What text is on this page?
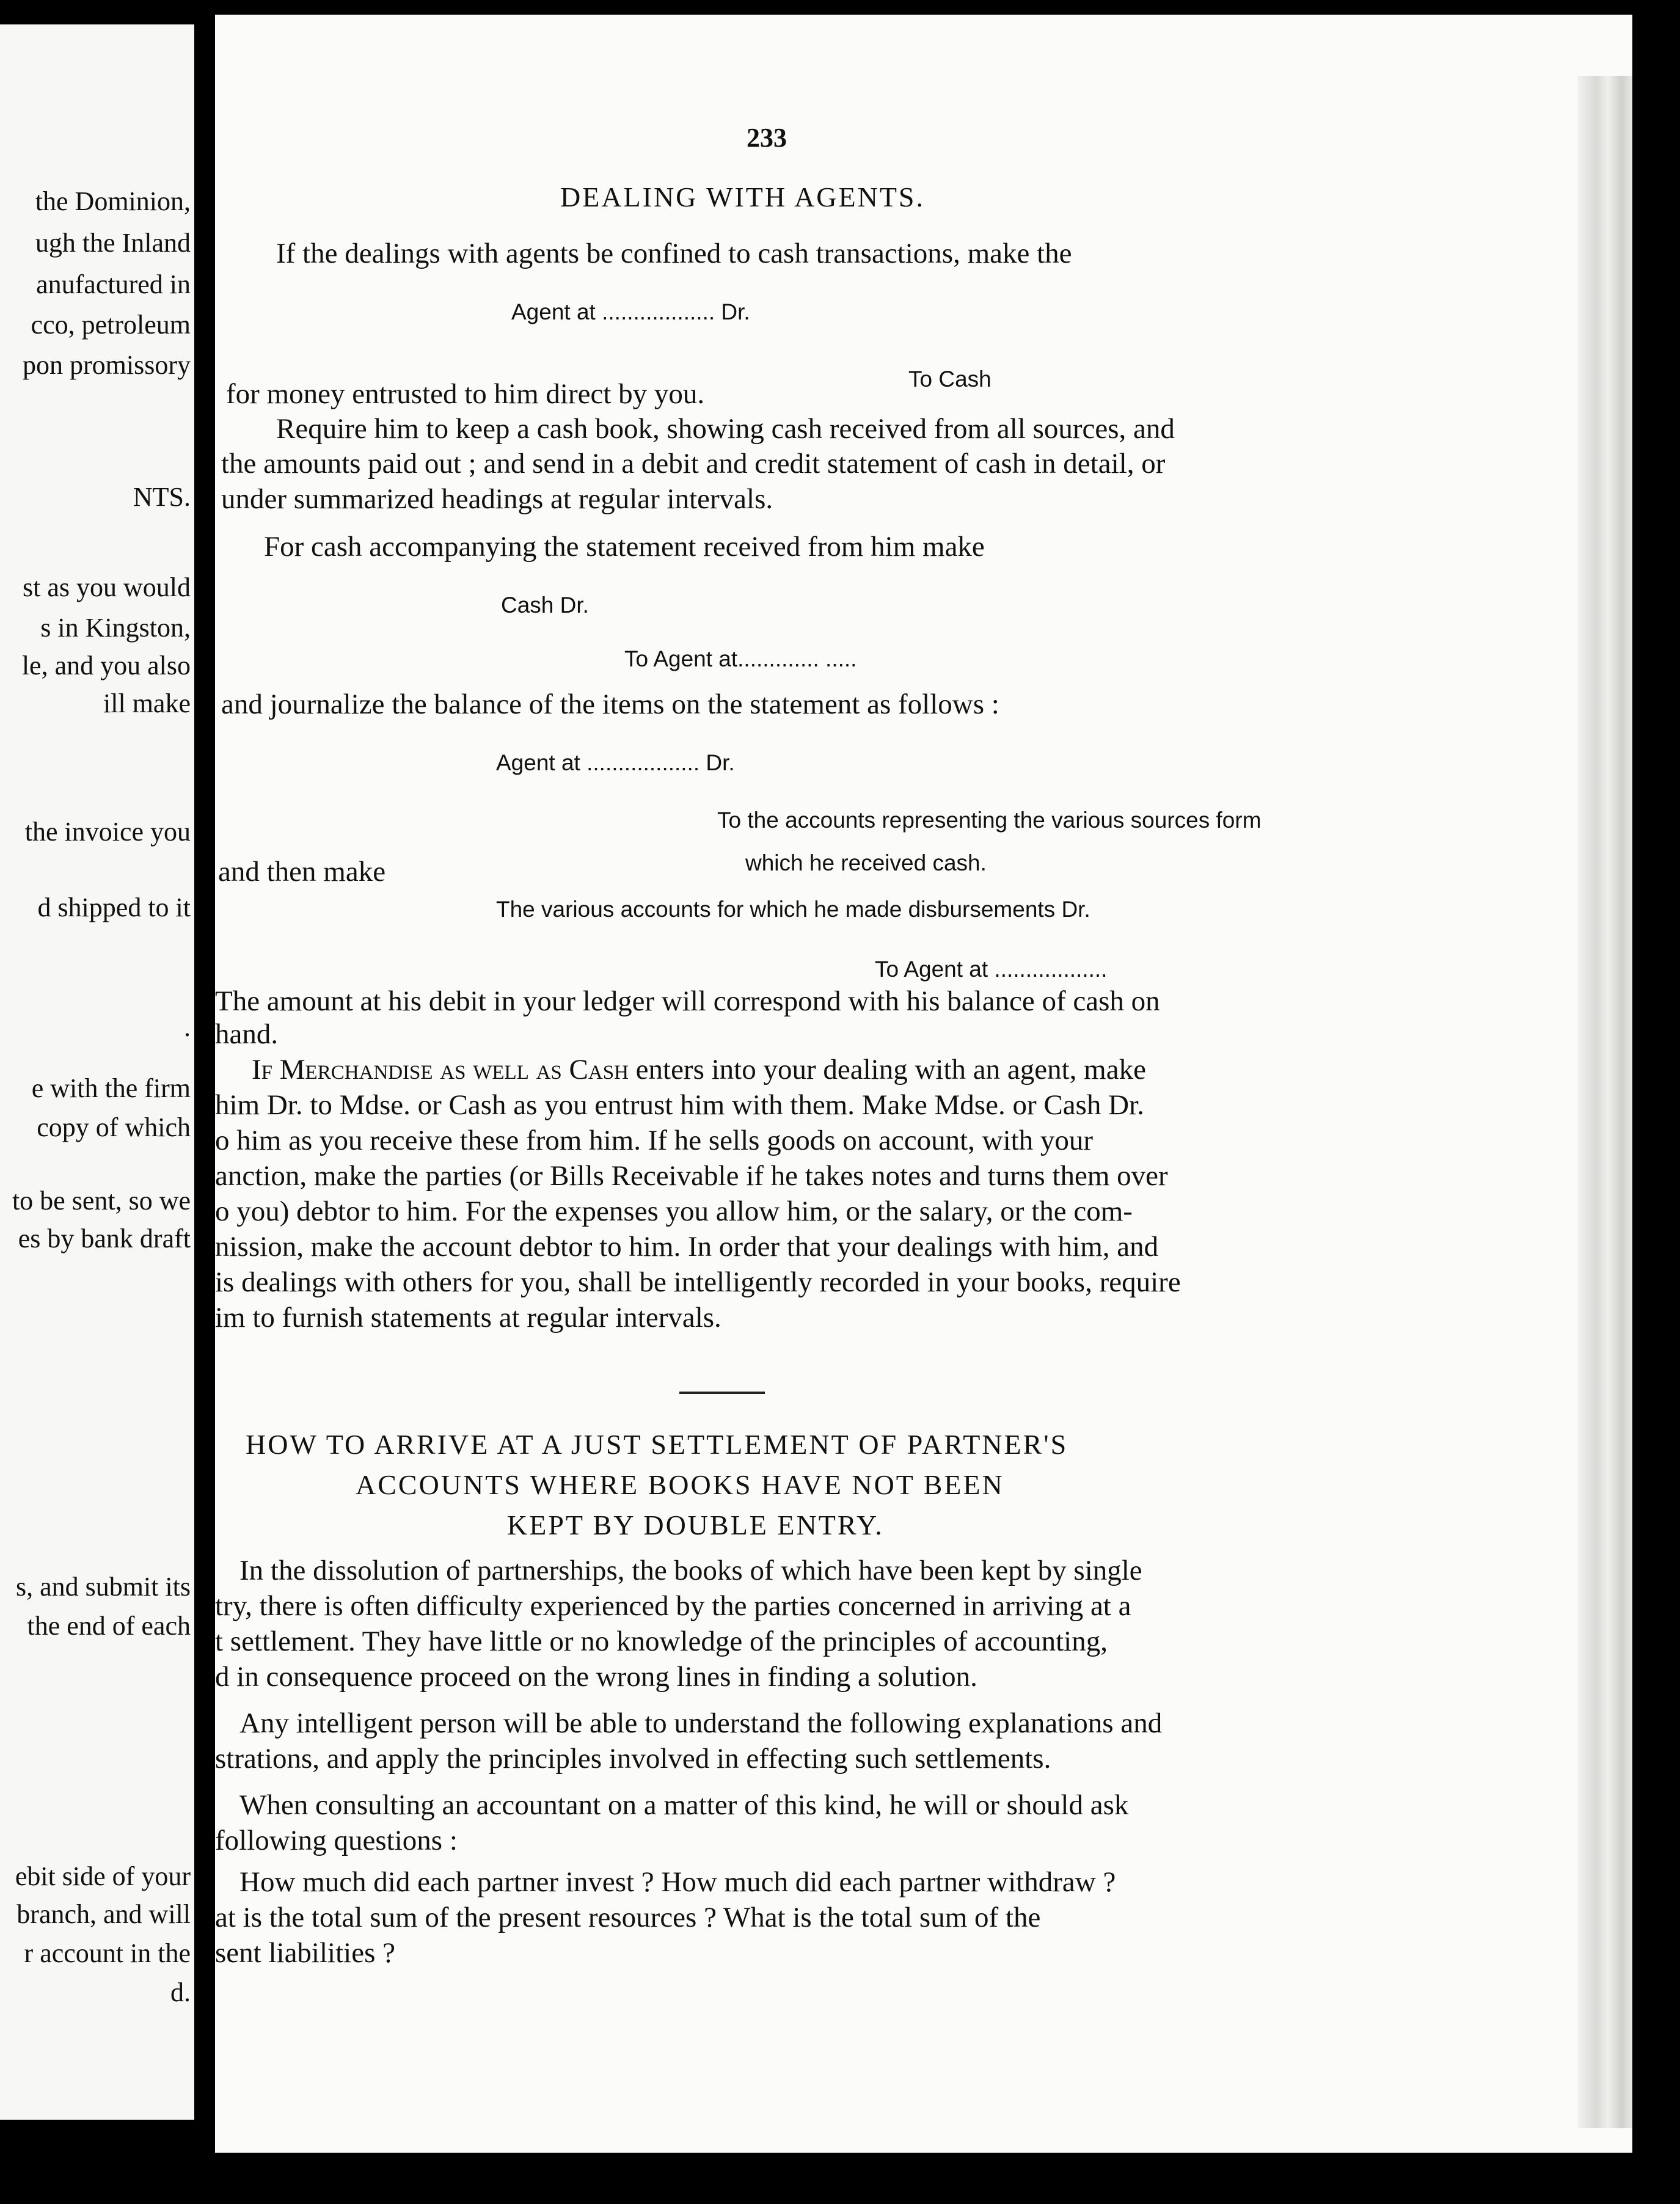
the Dominion,
ugh the Inland
anufactured in
cco, petroleum
pon promissory
NTS.
st as you would
s in Kingston,
le, and you also
ill make
the invoice you
d shipped to it
.
e with the firm
copy of which
to be sent, so we
es by bank draft
s, and submit its
the end of each
ebit side of your
branch, and will
r account in the
d.
233
DEALING WITH AGENTS.
If the dealings with agents be confined to cash transactions, make the
Agent at .................. Dr.
To Cash
for money entrusted to him direct by you.
Require him to keep a cash book, showing cash received from all sources, and
the amounts paid out ; and send in a debit and credit statement of cash in detail, or
under summarized headings at regular intervals.
For cash accompanying the statement received from him make
Cash Dr.
To Agent at............. .....
and journalize the balance of the items on the statement as follows :
Agent at .................. Dr.
To the accounts representing the various sources form
which he received cash.
and then make
The various accounts for which he made disbursements Dr.
To Agent at ..................
The amount at his debit in your ledger will correspond with his balance of cash on
hand.
If Merchandise as well as Cash enters into your dealing with an agent, make
him Dr. to Mdse. or Cash as you entrust him with them. Make Mdse. or Cash Dr.
o him as you receive these from him. If he sells goods on account, with your
anction, make the parties (or Bills Receivable if he takes notes and turns them over
o you) debtor to him. For the expenses you allow him, or the salary, or the com-
nission, make the account debtor to him. In order that your dealings with him, and
is dealings with others for you, shall be intelligently recorded in your books, require
im to furnish statements at regular intervals.
HOW TO ARRIVE AT A JUST SETTLEMENT OF PARTNER'S
ACCOUNTS WHERE BOOKS HAVE NOT BEEN
KEPT BY DOUBLE ENTRY.
In the dissolution of partnerships, the books of which have been kept by single
try, there is often difficulty experienced by the parties concerned in arriving at a
t settlement. They have little or no knowledge of the principles of accounting,
d in consequence proceed on the wrong lines in finding a solution.
Any intelligent person will be able to understand the following explanations and
strations, and apply the principles involved in effecting such settlements.
When consulting an accountant on a matter of this kind, he will or should ask
following questions :
How much did each partner invest ? How much did each partner withdraw ?
at is the total sum of the present resources ? What is the total sum of the
sent liabilities ?
